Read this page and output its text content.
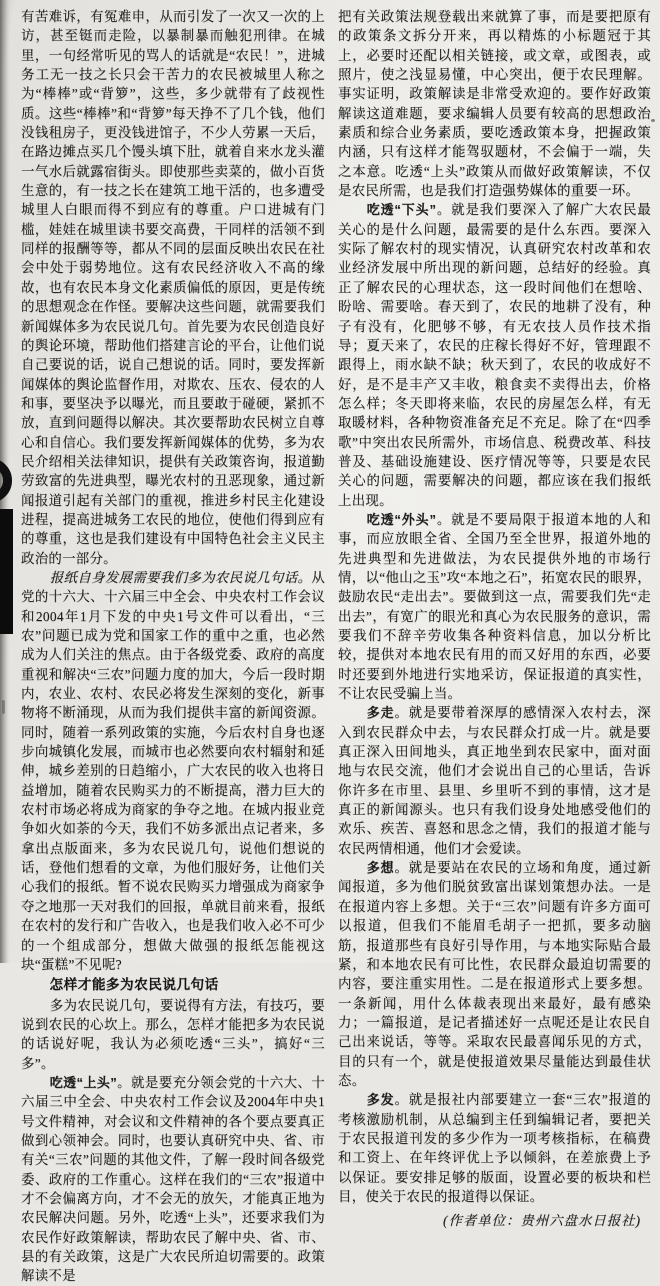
有苦难诉，有冤难申，从而引发了一次又一次的上访，甚至铤而走险，以暴制暴而触犯刑律。在城里，一句经常听见的骂人的话就是“农民！”，进城务工无一技之长只会干苦力的农民被城里人称之为“棒棒”或“背箩”，这些，多少就带有了歧视性质。这些“棒棒”和“背箩”每天挣不了几个钱，他们没钱租房子，更没钱进馆子，不少人劳累一天后，在路边摊点买几个馒头填下肚，就着自来水龙头灌一气水后就露宿街头。即使那些卖菜的，做小百货生意的，有一技之长在建筑工地干活的，也多遭受城里人白眼而得不到应有的尊重。户口进城有门槛，娃娃在城里读书要交高费，干同样的活领不到同样的报酬等等，都从不同的层面反映出农民在社会中处于弱势地位。这有农民经济收入不高的缘故，也有农民本身文化素质偏低的原因，更是传统的思想观念在作怪。要解决这些问题，就需要我们新闻媒体多为农民说几句。首先要为农民创造良好的舆论环境，帮助他们搭建言论的平台，让他们说自己要说的话，说自己想说的话。同时，要发挥新闻媒体的舆论监督作用，对欺农、压农、侵农的人和事，要坚决予以曝光，而且要敢于碰硬，紧抓不放，直到问题得以解决。其次要帮助农民树立自尊心和自信心。我们要发挥新闻媒体的优势，多为农民介绍相关法律知识，提供有关政策咨询，报道勤劳致富的先进典型，曝光农村的丑恶现象，通过新闻报道引起有关部门的重视，推进乡村民主化建设进程，提高进城务工农民的地位，使他们得到应有的尊重，这也是我们建设有中国特色社会主义民主政治的一部分。

报纸自身发展需要我们多为农民说几句话。从党的十六大、十六届三中全会、中央农村工作会议和2004年1月下发的中央1号文件可以看出，“三农”问题已成为党和国家工作的重中之重，也必然成为人们关注的焦点。由于各级党委、政府的高度重视和解决“三农”问题力度的加大，今后一段时期内，农业、农村、农民必将发生深刻的变化，新事物将不断涌现，从而为我们提供丰富的新闻资源。同时，随着一系列政策的实施，今后农村自身也逐步向城镇化发展，而城市也必然要向农村辐射和延伸，城乡差别的日趋缩小，广大农民的收入也将日益增加，随着农民购买力的不断提高，潜力巨大的农村市场必将成为商家的争夺之地。在城内报业竞争如火如荼的今天，我们不妨多派出点记者来，多拿出点版面来，多为农民说几句，说他们想说的话，登他们想看的文章，为他们服好务，让他们关心我们的报纸。暂不说农民购买力增强成为商家争夺之地那一天对我们的回报，单就目前来看，报纸在农村的发行和广告收入，也是我们收入必不可少的一个组成部分，想做大做强的报纸怎能视这块“蛋糕”不见呢?

怎样才能多为农民说几句话

多为农民说几句，要说得有方法，有技巧，要说到农民的心坎上。那么，怎样才能把多为农民说的话说好呢，我认为必须吃透“三头”，搞好“三多”。

吃透“上头”。就是要充分领会党的十六大、十六届三中全会、中央农村工作会议及2004年中央1号文件精神，对会议和文件精神的各个要点要真正做到心领神会。同时，也要认真研究中央、省、市有关“三农”问题的其他文件，了解一段时间各级党委、政府的工作重心。这样在我们的“三农”报道中才不会偏离方向，才不会无的放矢，才能真正地为农民解决问题。另外，吃透“上头”，还要求我们为农民作好政策解读，帮助农民了解中央、省、市、县的有关政策，这是广大农民所迫切需要的。政策解读不是

把有关政策法规登载出来就算了事，而是要把原有的政策条文拆分开来，再以精炼的小标题冠于其上，必要时还配以相关链接，或文章，或图表，或照片，使之浅显易懂，中心突出，便于农民理解。事实证明，政策解读是非常受欢迎的。要作好政策解读这道难题，要求编辑人员要有较高的思想政治素质和综合业务素质，要吃透政策本身，把握政策内涵，只有这样才能驾驭题材，不会偏于一端，失之本意。吃透“上头”政策从而做好政策解读，不仅是农民所需，也是我们打造强势媒体的重要一环。

吃透“下头”。就是我们要深入了解广大农民最关心的是什么问题，最需要的是什么东西。要深入实际了解农村的现实情况，认真研究农村改革和农业经济发展中所出现的新问题，总结好的经验。真正了解农民的心理状态，这一段时间他们在想啥、盼啥、需要啥。春天到了，农民的地耕了没有，种子有没有，化肥够不够，有无农技人员作技术指导；夏天来了，农民的庄稼长得好不好，管理跟不跟得上，雨水缺不缺；秋天到了，农民的收成好不好，是不是丰产又丰收，粮食卖不卖得出去，价格怎么样；冬天即将来临，农民的房屋怎么样，有无取暖材料，各种物资准备充足不充足。除了在“四季歌”中突出农民所需外，市场信息、税费改革、科技普及、基础设施建设、医疗情况等等，只要是农民关心的问题，需要解决的问题，都应该在我们报纸上出现。

吃透“外头”。就是不要局限于报道本地的人和事，而应放眼全省、全国乃至全世界，报道外地的先进典型和先进做法，为农民提供外地的市场行情，以“他山之玉”攻“本地之石”，拓宽农民的眼界，鼓励农民“走出去”。要做到这一点，需要我们先“走出去”，有宽广的眼光和真心为农民服务的意识，需要我们不辞辛劳收集各种资料信息，加以分析比较，提供对本地农民有用的而又好用的东西，必要时还要到外地进行实地采访，保证报道的真实性，不让农民受骗上当。

多走。就是要带着深厚的感情深入农村去，深入到农民群众中去，与农民群众打成一片。就是要真正深入田间地头，真正地坐到农民家中，面对面地与农民交流，他们才会说出自己的心里话，告诉你许多在市里、县里、乡里听不到的事情，这才是真正的新闻源头。也只有我们设身处地感受他们的欢乐、疾苦、喜怒和思念之情，我们的报道才能与农民两情相通，他们才会爱读。

多想。就是要站在农民的立场和角度，通过新闻报道，多为他们脱贫致富出谋划策想办法。一是在报道内容上多想。关于“三农”问题有许多方面可以报道，但我们不能眉毛胡子一把抓，要多动脑筋，报道那些有良好引导作用，与本地实际贴合最紧，和本地农民有可比性，农民群众最迫切需要的内容，要注重实用性。二是在报道形式上要多想。一条新闻，用什么体裁表现出来最好，最有感染力；一篇报道，是记者描述好一点呢还是让农民自己出来说话，等等。采取农民最喜闻乐见的方式，目的只有一个，就是使报道效果尽量能达到最佳状态。

多发。就是报社内部要建立一套“三农”报道的考核激励机制，从总编到主任到编辑记者，要把关于农民报道刊发的多少作为一项考核指标，在稿费和工资上、在年终评优上予以倾斜，在差旅费上予以保证。要安排足够的版面，设置必要的板块和栏目，使关于农民的报道得以保证。

(作者单位：贵州六盘水日报社)
